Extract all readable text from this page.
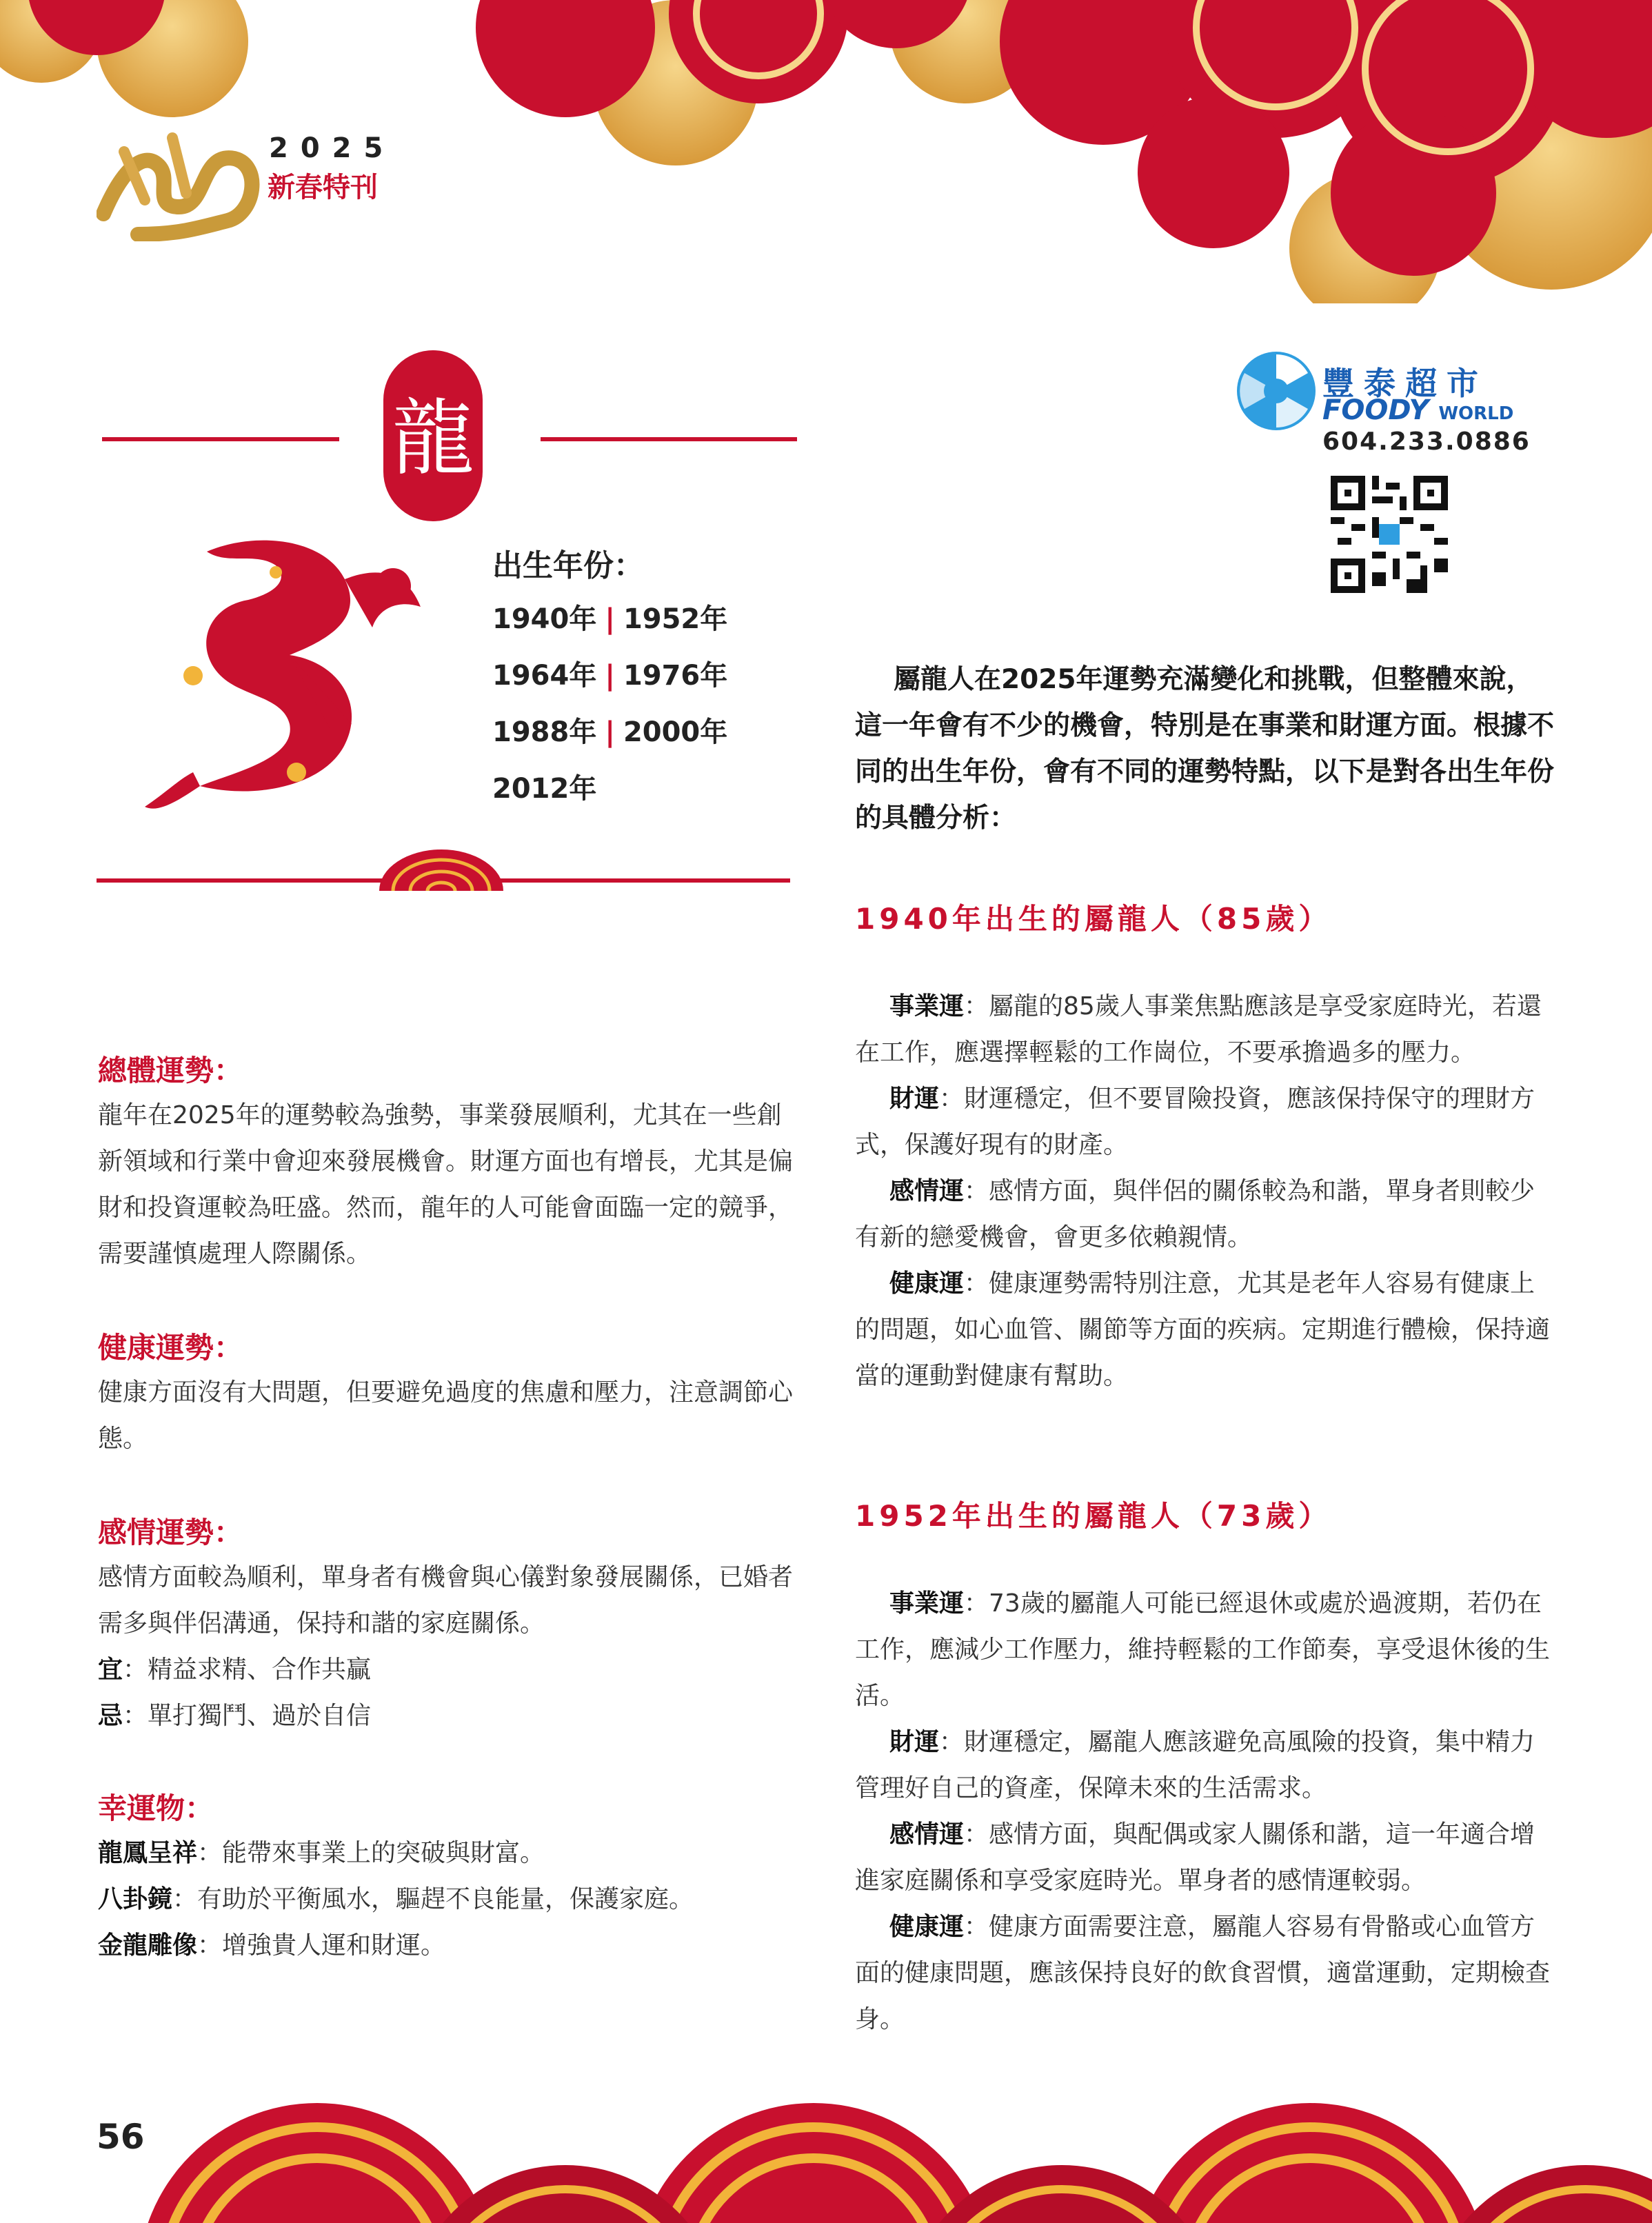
2025
新春特刊
龍
出生年份：
1940年 | 1952年
1964年 | 1976年
1988年 | 2000年
2012年
豐泰超市
FOODY WORLD
604.233.0886
總體運勢：
龍年在2025年的運勢較為強勢，事業發展順利，尤其在一些創新領域和行業中會迎來發展機會。財運方面也有增長，尤其是偏財和投資運較為旺盛。然而，龍年的人可能會面臨一定的競爭，需要謹慎處理人際關係。
健康運勢：
健康方面沒有大問題，但要避免過度的焦慮和壓力，注意調節心態。
感情運勢：
感情方面較為順利，單身者有機會與心儀對象發展關係，已婚者需多與伴侶溝通，保持和諧的家庭關係。
宜：精益求精、合作共贏
忌：單打獨鬥、過於自信
幸運物：
龍鳳呈祥：能帶來事業上的突破與財富。
八卦鏡：有助於平衡風水，驅趕不良能量，保護家庭。
金龍雕像：增強貴人運和財運。
屬龍人在2025年運勢充滿變化和挑戰，但整體來說，這一年會有不少的機會，特別是在事業和財運方面。根據不同的出生年份，會有不同的運勢特點，以下是對各出生年份的具體分析：
1940年出生的屬龍人（85歲）

事業運：屬龍的85歲人事業焦點應該是享受家庭時光，若還在工作，應選擇輕鬆的工作崗位，不要承擔過多的壓力。

財運：財運穩定，但不要冒險投資，應該保持保守的理財方式，保護好現有的財產。

感情運：感情方面，與伴侶的關係較為和諧，單身者則較少有新的戀愛機會，會更多依賴親情。

健康運：健康運勢需特別注意，尤其是老年人容易有健康上的問題，如心血管、關節等方面的疾病。定期進行體檢，保持適當的運動對健康有幫助。

1952年出生的屬龍人（73歲）

事業運：73歲的屬龍人可能已經退休或處於過渡期，若仍在工作，應減少工作壓力，維持輕鬆的工作節奏，享受退休後的生活。

財運：財運穩定，屬龍人應該避免高風險的投資，集中精力管理好自己的資產，保障未來的生活需求。

感情運：感情方面，與配偶或家人關係和諧，這一年適合增進家庭關係和享受家庭時光。單身者的感情運較弱。

健康運：健康方面需要注意，屬龍人容易有骨骼或心血管方面的健康問題，應該保持良好的飲食習慣，適當運動，定期檢查身。

56
